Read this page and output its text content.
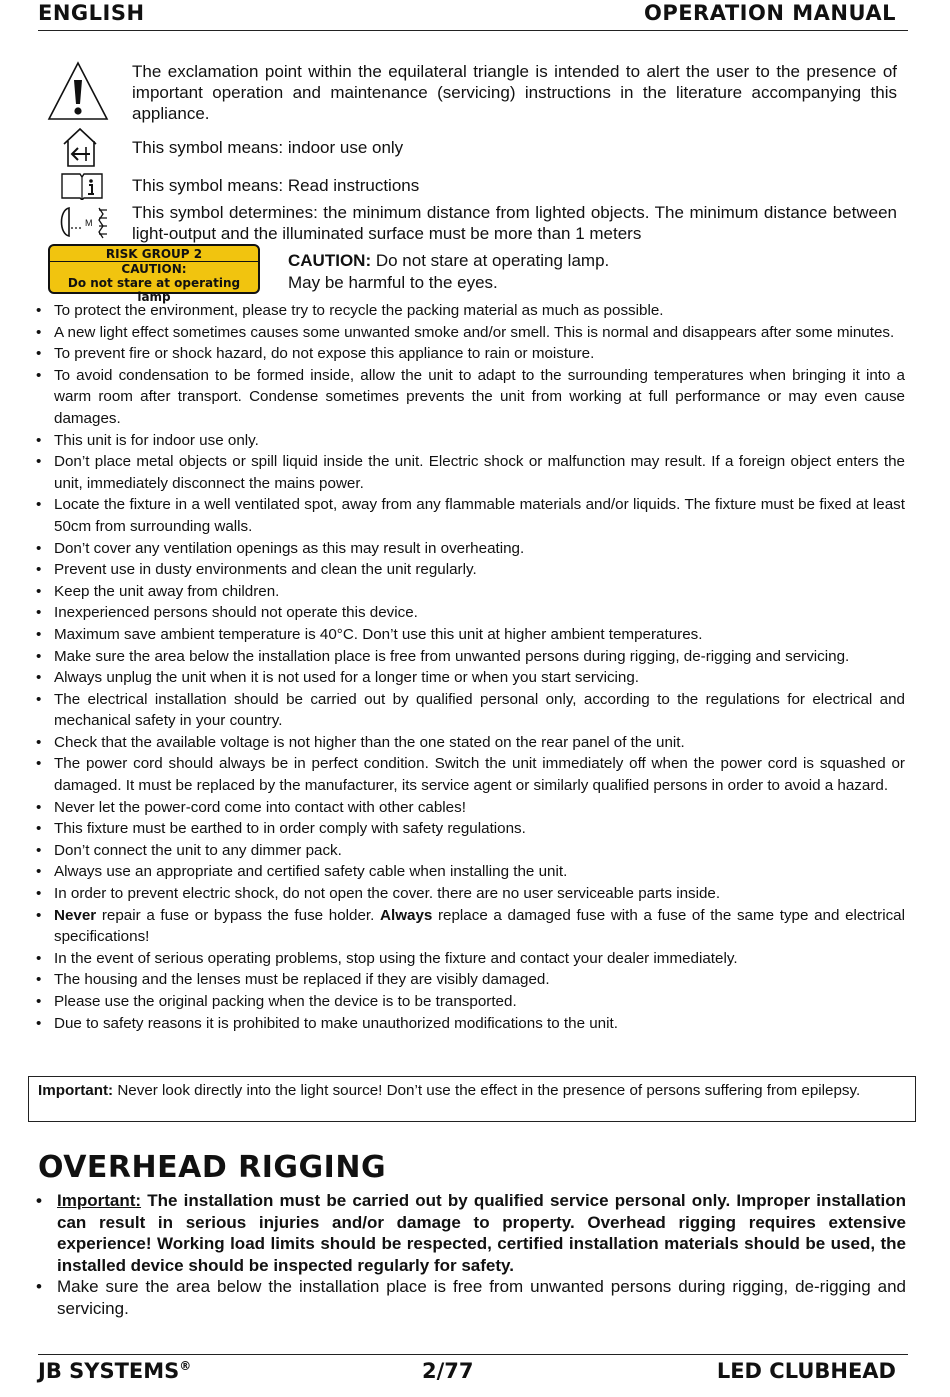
ENGLISH	OPERATION MANUAL
The exclamation point within the equilateral triangle is intended to alert the user to the presence of important operation and maintenance (servicing) instructions in the literature accompanying this appliance.
This symbol means: indoor use only
This symbol means: Read instructions
M
This symbol determines: the minimum distance from lighted objects. The minimum distance between light-output and the illuminated surface must be more than 1 meters
RISK GROUP 2
CAUTION:
Do not stare at operating lamp
CAUTION: Do not stare at operating lamp.
May be harmful to the eyes.
• To protect the environment, please try to recycle the packing material as much as possible.
• A new light effect sometimes causes some unwanted smoke and/or smell. This is normal and disappears after some minutes.
• To prevent fire or shock hazard, do not expose this appliance to rain or moisture.
• To avoid condensation to be formed inside, allow the unit to adapt to the surrounding temperatures when bringing it into a warm room after transport. Condense sometimes prevents the unit from working at full performance or may even cause damages.
• This unit is for indoor use only.
• Don’t place metal objects or spill liquid inside the unit. Electric shock or malfunction may result. If a foreign object enters the unit, immediately disconnect the mains power.
• Locate the fixture in a well ventilated spot, away from any flammable materials and/or liquids. The fixture must be fixed at least 50cm from surrounding walls.
• Don’t cover any ventilation openings as this may result in overheating.
• Prevent use in dusty environments and clean the unit regularly.
• Keep the unit away from children.
• Inexperienced persons should not operate this device.
• Maximum save ambient temperature is 40°C. Don’t use this unit at higher ambient temperatures.
• Make sure the area below the installation place is free from unwanted persons during rigging, de-rigging and servicing.
• Always unplug the unit when it is not used for a longer time or when you start servicing.
• The electrical installation should be carried out by qualified personal only, according to the regulations for electrical and mechanical safety in your country.
• Check that the available voltage is not higher than the one stated on the rear panel of the unit.
• The power cord should always be in perfect condition. Switch the unit immediately off when the power cord is squashed or damaged. It must be replaced by the manufacturer, its service agent or similarly qualified persons in order to avoid a hazard.
• Never let the power-cord come into contact with other cables!
• This fixture must be earthed to in order comply with safety regulations.
• Don’t connect the unit to any dimmer pack.
• Always use an appropriate and certified safety cable when installing the unit.
• In order to prevent electric shock, do not open the cover. there are no user serviceable parts inside.
• Never repair a fuse or bypass the fuse holder. Always replace a damaged fuse with a fuse of the same type and electrical specifications!
• In the event of serious operating problems, stop using the fixture and contact your dealer immediately.
• The housing and the lenses must be replaced if they are visibly damaged.
• Please use the original packing when the device is to be transported.
• Due to safety reasons it is prohibited to make unauthorized modifications to the unit.
Important: Never look directly into the light source! Don’t use the effect in the presence of persons suffering from epilepsy.
OVERHEAD RIGGING
• Important: The installation must be carried out by qualified service personal only. Improper installation can result in serious injuries and/or damage to property. Overhead rigging requires extensive experience! Working load limits should be respected, certified installation materials should be used, the installed device should be inspected regularly for safety.
• Make sure the area below the installation place is free from unwanted persons during rigging, de-rigging and servicing.
JB SYSTEMS®	2/77	LED CLUBHEAD
